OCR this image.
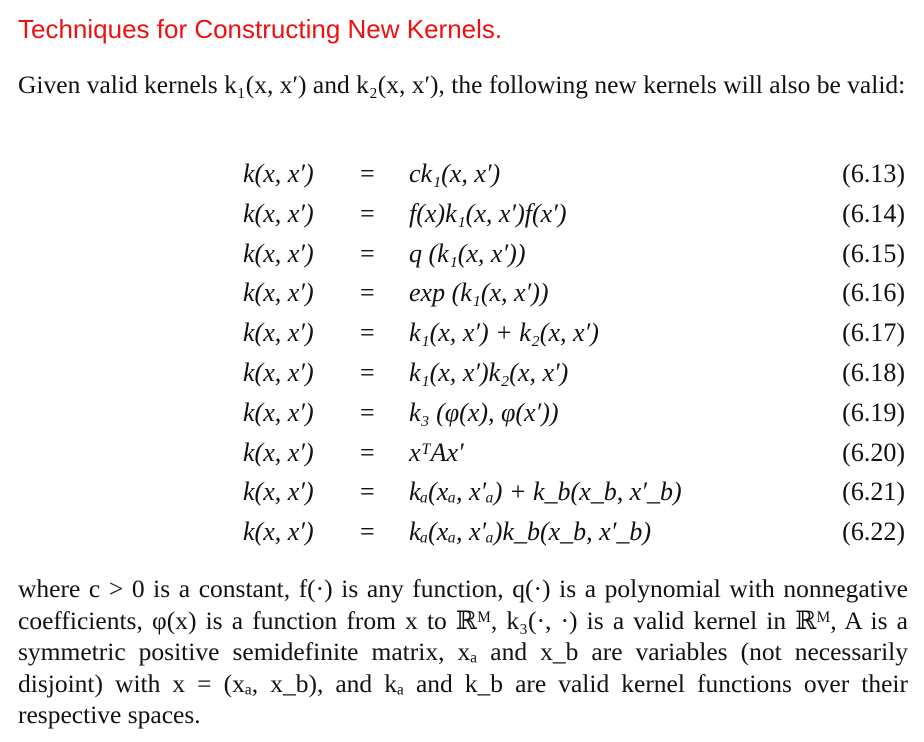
Techniques for Constructing New Kernels.

Given valid kernels k₁(x, x′) and k₂(x, x′), the following new kernels will also be valid:

k(x, x′) = ck₁(x, x′)	(6.13)
k(x, x′) = f(x)k₁(x, x′)f(x′)	(6.14)
k(x, x′) = q (k₁(x, x′))	(6.15)
k(x, x′) = exp (k₁(x, x′))	(6.16)
k(x, x′) = k₁(x, x′) + k₂(x, x′)	(6.17)
k(x, x′) = k₁(x, x′)k₂(x, x′)	(6.18)
k(x, x′) = k₃ (φ(x), φ(x′))	(6.19)
k(x, x′) = xᵀAx′	(6.20)
k(x, x′) = kₐ(xₐ, x′ₐ) + k_b(x_b, x′_b)	(6.21)
k(x, x′) = kₐ(xₐ, x′ₐ)k_b(x_b, x′_b)	(6.22)

where c > 0 is a constant, f(·) is any function, q(·) is a polynomial with nonnegative coefficients, φ(x) is a function from x to ℝᴹ, k₃(·, ·) is a valid kernel in ℝᴹ, A is a symmetric positive semidefinite matrix, xₐ and x_b are variables (not necessarily disjoint) with x = (xₐ, x_b), and kₐ and k_b are valid kernel functions over their respective spaces.
